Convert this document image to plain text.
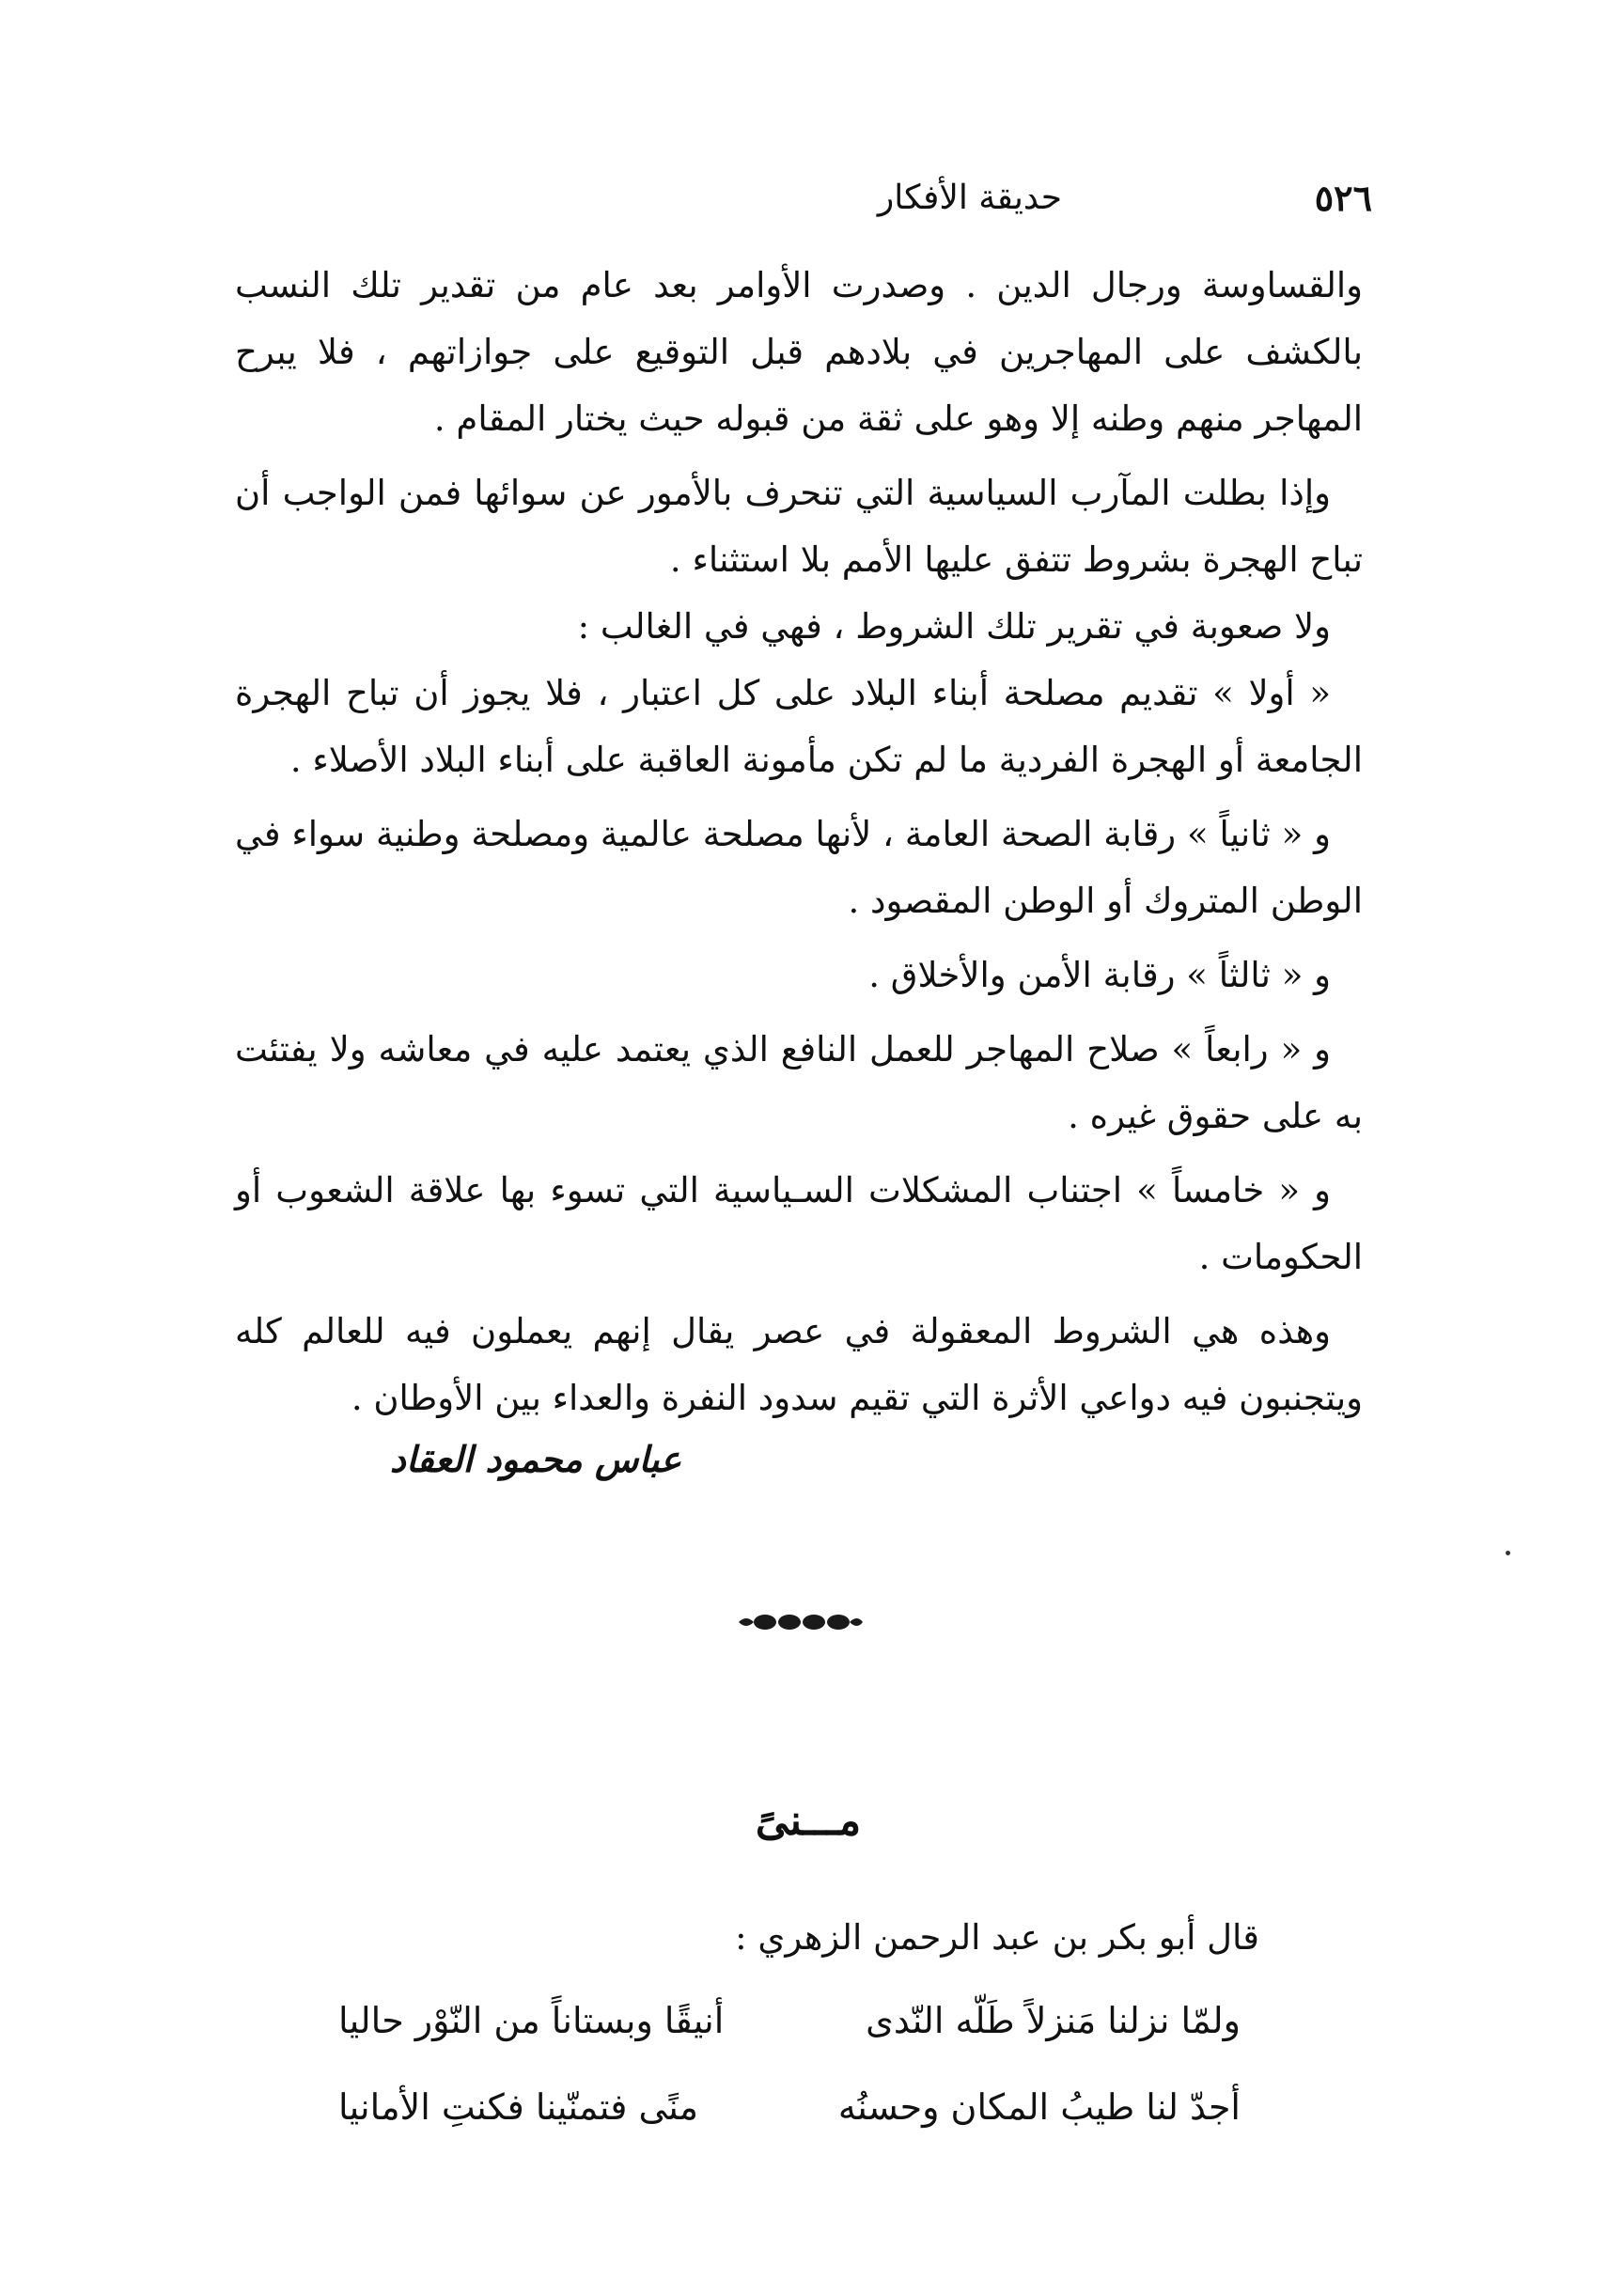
٥٢٦
حديقة الأفكار

والقساوسة ورجال الدين . وصدرت الأوامر بعد عام من تقدير تلك النسب بالكشف على المهاجرين في بلادهم قبل التوقيع على جوازاتهم ، فلا يبرح المهاجر منهم وطنه إلا وهو على ثقة من قبوله حيث يختار المقام .

وإذا بطلت المآرب السياسية التي تنحرف بالأمور عن سوائها فمن الواجب أن تباح الهجرة بشروط تتفق عليها الأمم بلا استثناء .

ولا صعوبة في تقرير تلك الشروط ، فهي في الغالب :

« أولا » تقديم مصلحة أبناء البلاد على كل اعتبار ، فلا يجوز أن تباح الهجرة الجامعة أو الهجرة الفردية ما لم تكن مأمونة العاقبة على أبناء البلاد الأصلاء .

و « ثانياً » رقابة الصحة العامة ، لأنها مصلحة عالمية ومصلحة وطنية سواء في الوطن المتروك أو الوطن المقصود .

و « ثالثاً » رقابة الأمن والأخلاق .

و « رابعاً » صلاح المهاجر للعمل النافع الذي يعتمد عليه في معاشه ولا يفتئت به على حقوق غيره .

و « خامساً » اجتناب المشكلات السـياسية التي تسوء بها علاقة الشعوب أو الحكومات .

وهذه هي الشروط المعقولة في عصر يقال إنهم يعملون فيه للعالم كله ويتجنبون فيه دواعي الأثرة التي تقيم سدود النفرة والعداء بين الأوطان .

عباس محمود العقاد
مـــنىً
قال أبو بكر بن عبد الرحمن الزهري :
ولمّا نزلنا مَنزلاً طَلّه النّدى
أنيقًا وبستاناً من النّوْر حاليا
أجدّ لنا طيبُ المكان وحسنُه
منًى فتمنّينا فكنتِ الأمانيا
